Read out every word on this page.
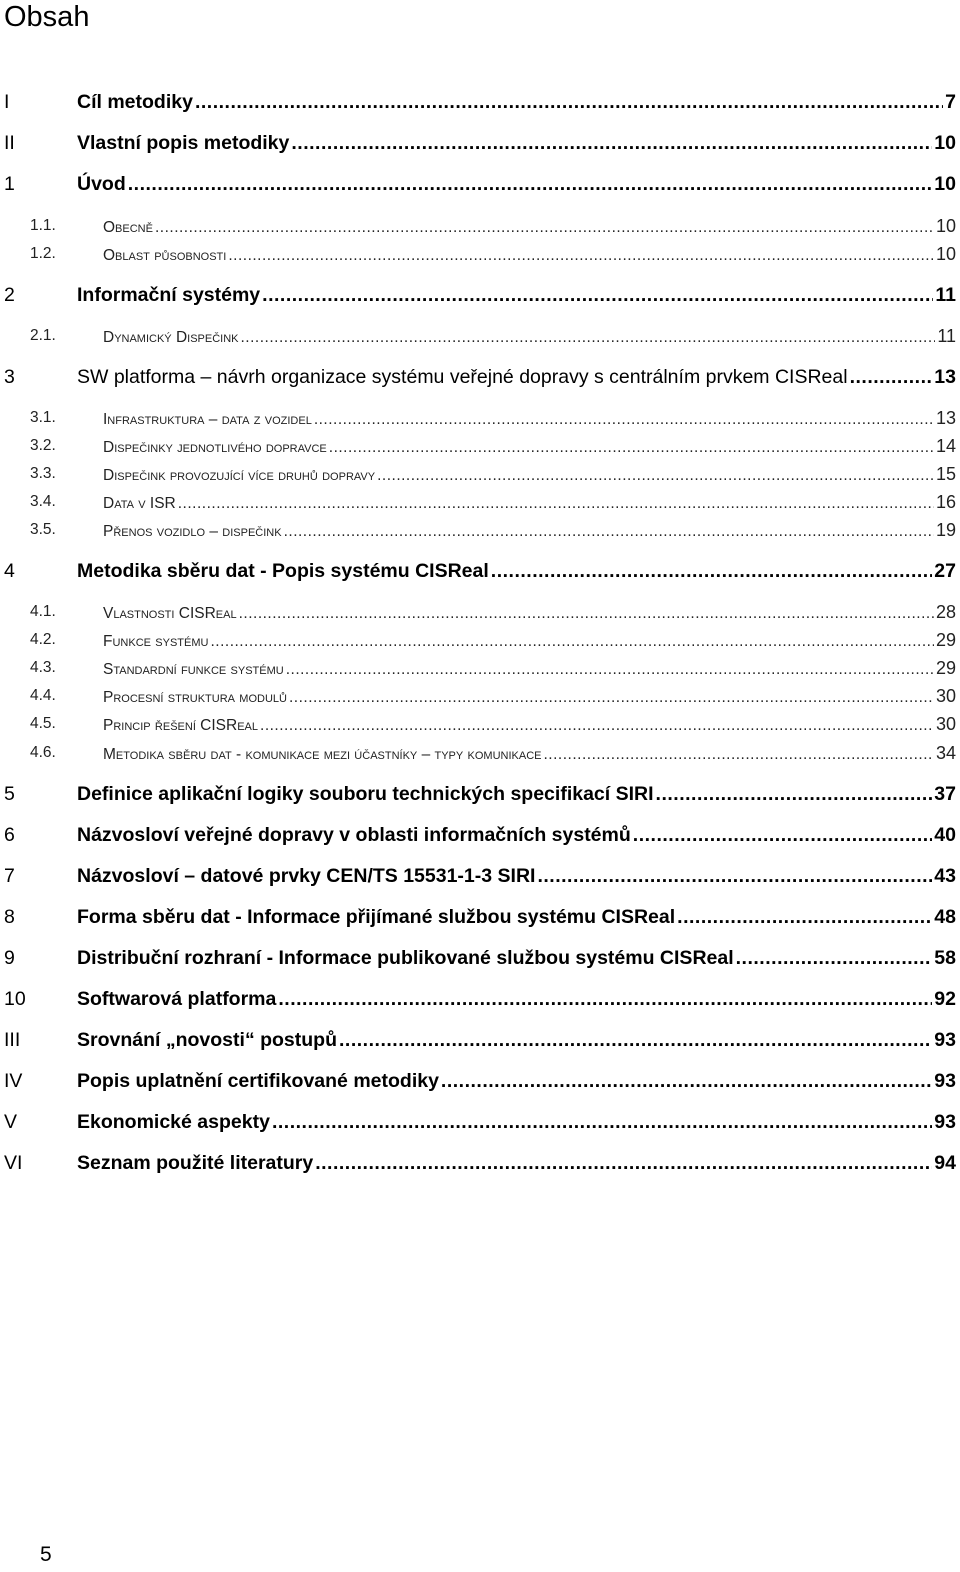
Obsah
I	Cíl metodiky .....	7
II	Vlastní popis metodiky .....	10
1	Úvod .....	10
1.1.	Obecně .....	10
1.2.	Oblast působnosti .....	10
2	Informační systémy .....	11
2.1.	Dynamický Dispečink .....	11
3	SW platforma – návrh organizace systému veřejné dopravy s centrálním prvkem CISReal .....	13
3.1.	Infrastruktura – data z vozidel .....	13
3.2.	Dispečinky jednotlivého dopravce .....	14
3.3.	Dispečink provozující více druhů dopravy .....	15
3.4.	Data v ISR .....	16
3.5.	Přenos vozidlo – dispečink .....	19
4	Metodika sběru dat - Popis systému CISReal .....	27
4.1.	Vlastnosti CISReal .....	28
4.2.	Funkce systému .....	29
4.3.	Standardní funkce systému .....	29
4.4.	Procesní struktura modulů .....	30
4.5.	Princip řešení CISReal .....	30
4.6.	Metodika sběru dat - komunikace mezi účastníky – typy komunikace .....	34
5	Definice aplikační logiky souboru technických specifikací SIRI .....	37
6	Názvosloví veřejné dopravy v oblasti informačních systémů .....	40
7	Názvosloví – datové prvky CEN/TS 15531-1-3 SIRI .....	43
8	Forma sběru dat - Informace přijímané službou systému CISReal .....	48
9	Distribuční rozhraní - Informace publikované službou systému CISReal .....	58
10	Softwarová platforma .....	92
III	Srovnání „novosti“ postupů .....	93
IV	Popis uplatnění certifikované metodiky .....	93
V	Ekonomické aspekty .....	93
VI	Seznam použité literatury .....	94
5
